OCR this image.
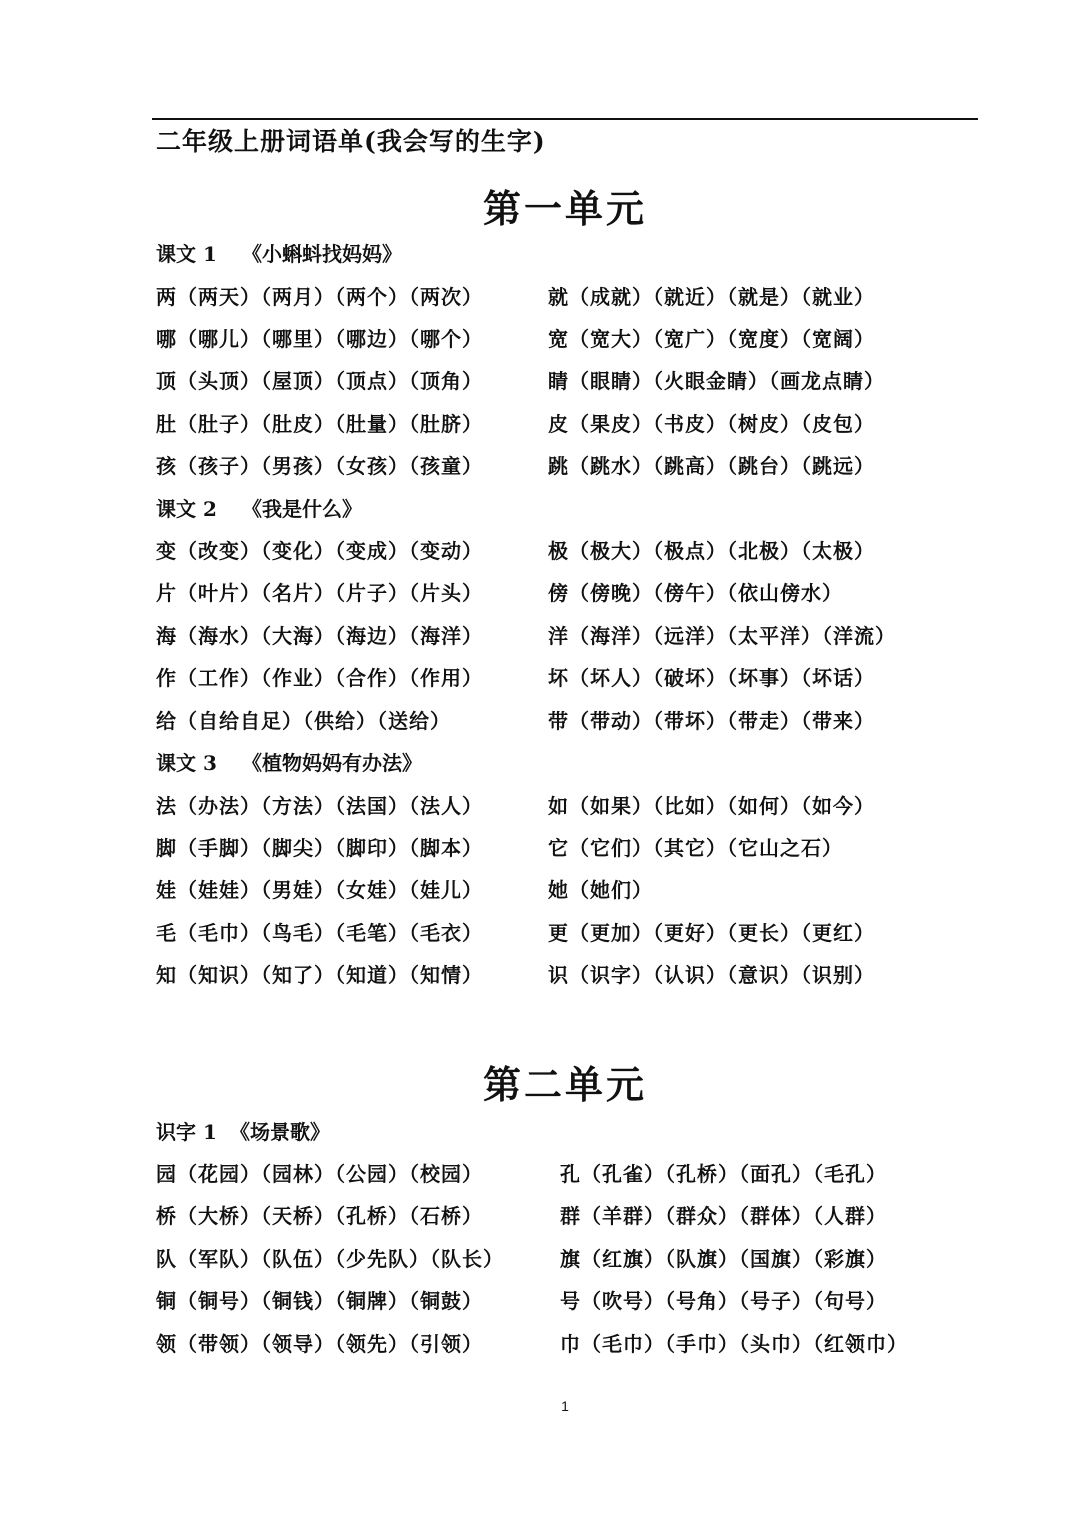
二年级上册词语单(我会写的生字)
第一单元
课文 1 《小蝌蚪找妈妈》
两（两天）（两月）（两个）（两次）	就（成就）（就近）（就是）（就业）
哪（哪儿）（哪里）（哪边）（哪个）	宽（宽大）（宽广）（宽度）（宽阔）
顶（头顶）（屋顶）（顶点）（顶角）	睛（眼睛）（火眼金睛）（画龙点睛）
肚（肚子）（肚皮）（肚量）（肚脐）	皮（果皮）（书皮）（树皮）（皮包）
孩（孩子）（男孩）（女孩）（孩童）	跳（跳水）（跳高）（跳台）（跳远）
课文 2 《我是什么》
变（改变）（变化）（变成）（变动）	极（极大）（极点）（北极）（太极）
片（叶片）（名片）（片子）（片头）	傍（傍晚）（傍午）（依山傍水）
海（海水）（大海）（海边）（海洋）	洋（海洋）（远洋）（太平洋）（洋流）
作（工作）（作业）（合作）（作用）	坏（坏人）（破坏）（坏事）（坏话）
给（自给自足）（供给）（送给）	带（带动）（带坏）（带走）（带来）
课文 3 《植物妈妈有办法》
法（办法）（方法）（法国）（法人）	如（如果）（比如）（如何）（如今）
脚（手脚）（脚尖）（脚印）（脚本）	它（它们）（其它）（它山之石）
娃（娃娃）（男娃）（女娃）（娃儿）	她（她们）
毛（毛巾）（鸟毛）（毛笔）（毛衣）	更（更加）（更好）（更长）（更红）
知（知识）（知了）（知道）（知情）	识（识字）（认识）（意识）（识别）
第二单元
识字 1 《场景歌》
园（花园）（园林）（公园）（校园）	孔（孔雀）（孔桥）（面孔）（毛孔）
桥（大桥）（天桥）（孔桥）（石桥）	群（羊群）（群众）（群体）（人群）
队（军队）（队伍）（少先队）（队长）	旗（红旗）（队旗）（国旗）（彩旗）
铜（铜号）（铜钱）（铜牌）（铜鼓）	号（吹号）（号角）（号子）（句号）
领（带领）（领导）（领先）（引领）	巾（毛巾）（手巾）（头巾）（红领巾）
1
